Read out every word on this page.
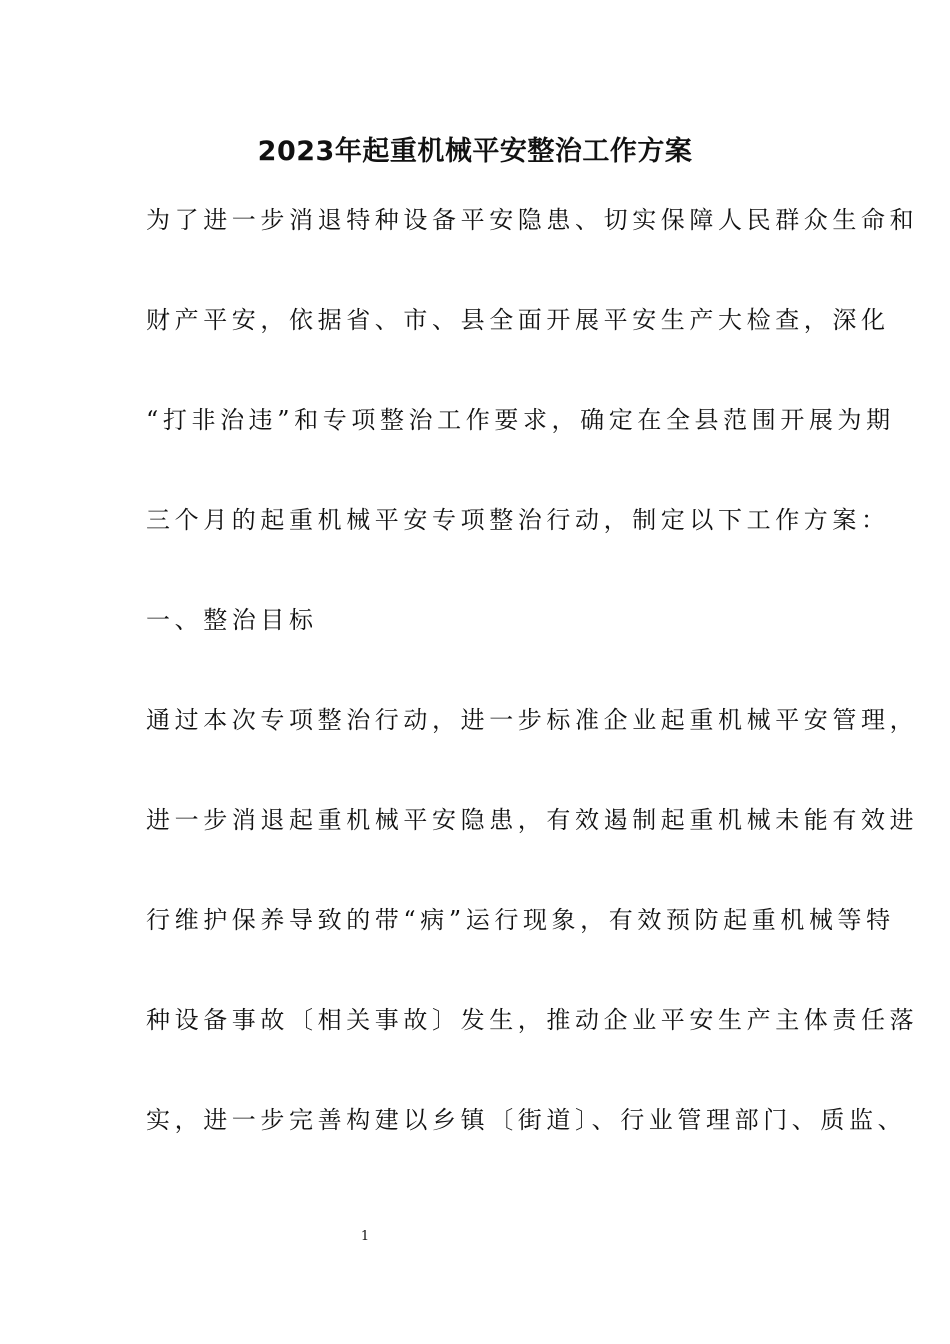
2023年起重机械平安整治工作方案
为了进一步消退特种设备平安隐患、切实保障人民群众生命和
财产平安，依据省、市、县全面开展平安生产大检查，深化
“打非治违”和专项整治工作要求，确定在全县范围开展为期
三个月的起重机械平安专项整治行动，制定以下工作方案：
一、整治目标
通过本次专项整治行动，进一步标准企业起重机械平安管理，
进一步消退起重机械平安隐患，有效遏制起重机械未能有效进
行维护保养导致的带“病”运行现象，有效预防起重机械等特
种设备事故〔相关事故〕发生，推动企业平安生产主体责任落
实，进一步完善构建以乡镇〔街道〕、行业管理部门、质监、
1
